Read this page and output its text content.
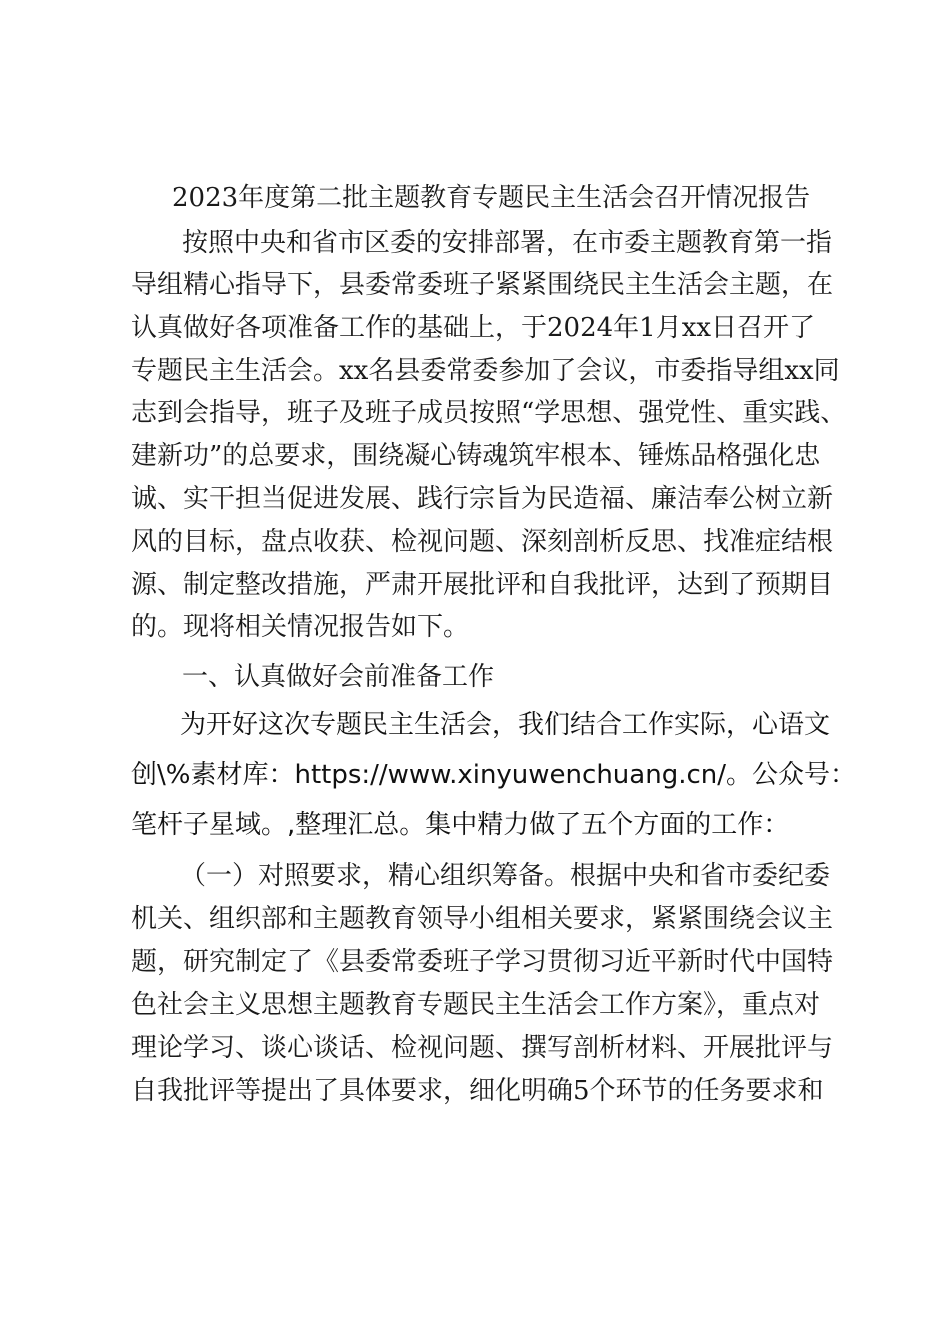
2023年度第二批主题教育专题民主生活会召开情况报告
按照中央和省市区委的安排部署，在市委主题教育第一指
导组精心指导下，县委常委班子紧紧围绕民主生活会主题，在
认真做好各项准备工作的基础上，于2024年1月xx日召开了
专题民主生活会。xx名县委常委参加了会议，市委指导组xx同
志到会指导，班子及班子成员按照“学思想、强党性、重实践、
建新功”的总要求，围绕凝心铸魂筑牢根本、锤炼品格强化忠
诚、实干担当促进发展、践行宗旨为民造福、廉洁奉公树立新
风的目标，盘点收获、检视问题、深刻剖析反思、找准症结根
源、制定整改措施，严肃开展批评和自我批评，达到了预期目
的。现将相关情况报告如下。
一、认真做好会前准备工作
为开好这次专题民主生活会，我们结合工作实际，心语文
创\%素材库：https://www.xinyuwenchuang.cn/。公众号：
笔杆子星域。,整理汇总。集中精力做了五个方面的工作：
（一）对照要求，精心组织筹备。根据中央和省市委纪委
机关、组织部和主题教育领导小组相关要求，紧紧围绕会议主
题，研究制定了《县委常委班子学习贯彻习近平新时代中国特
色社会主义思想主题教育专题民主生活会工作方案》，重点对
理论学习、谈心谈话、检视问题、撰写剖析材料、开展批评与
自我批评等提出了具体要求，细化明确5个环节的任务要求和
